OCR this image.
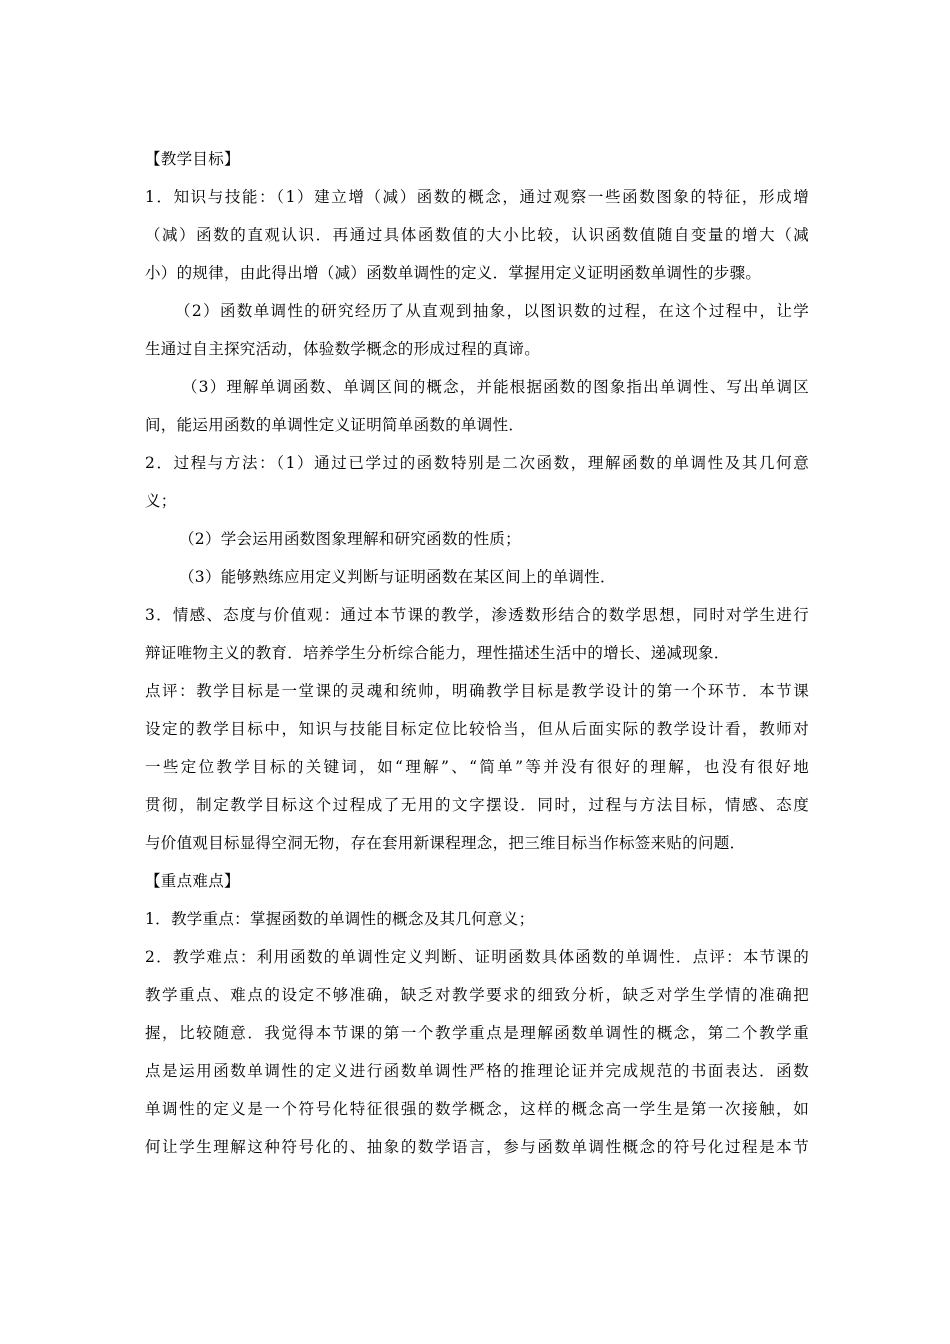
【教学目标】
1．知识与技能：（1）建立增（减）函数的概念，通过观察一些函数图象的特征，形成增
（减）函数的直观认识．再通过具体函数值的大小比较，认识函数值随自变量的增大（减
小）的规律，由此得出增（减）函数单调性的定义．掌握用定义证明函数单调性的步骤。
（2）函数单调性的研究经历了从直观到抽象，以图识数的过程，在这个过程中，让学
生通过自主探究活动，体验数学概念的形成过程的真谛。
（3）理解单调函数、单调区间的概念，并能根据函数的图象指出单调性、写出单调区
间，能运用函数的单调性定义证明简单函数的单调性．
2．过程与方法：（1）通过已学过的函数特别是二次函数，理解函数的单调性及其几何意
义；
（2）学会运用函数图象理解和研究函数的性质；
（3）能够熟练应用定义判断与证明函数在某区间上的单调性．
3．情感、态度与价值观：通过本节课的教学，渗透数形结合的数学思想，同时对学生进行
辩证唯物主义的教育．培养学生分析综合能力，理性描述生活中的增长、递减现象．
点评：教学目标是一堂课的灵魂和统帅，明确教学目标是教学设计的第一个环节．本节课
设定的教学目标中，知识与技能目标定位比较恰当，但从后面实际的教学设计看，教师对
一些定位教学目标的关键词，如“理解”、“简单”等并没有很好的理解，也没有很好地
贯彻，制定教学目标这个过程成了无用的文字摆设．同时，过程与方法目标，情感、态度
与价值观目标显得空洞无物，存在套用新课程理念，把三维目标当作标签来贴的问题．
【重点难点】
1．教学重点：掌握函数的单调性的概念及其几何意义；
2．教学难点：利用函数的单调性定义判断、证明函数具体函数的单调性．点评：本节课的
教学重点、难点的设定不够准确，缺乏对教学要求的细致分析，缺乏对学生学情的准确把
握，比较随意．我觉得本节课的第一个教学重点是理解函数单调性的概念，第二个教学重
点是运用函数单调性的定义进行函数单调性严格的推理论证并完成规范的书面表达．函数
单调性的定义是一个符号化特征很强的数学概念，这样的概念高一学生是第一次接触，如
何让学生理解这种符号化的、抽象的数学语言，参与函数单调性概念的符号化过程是本节
